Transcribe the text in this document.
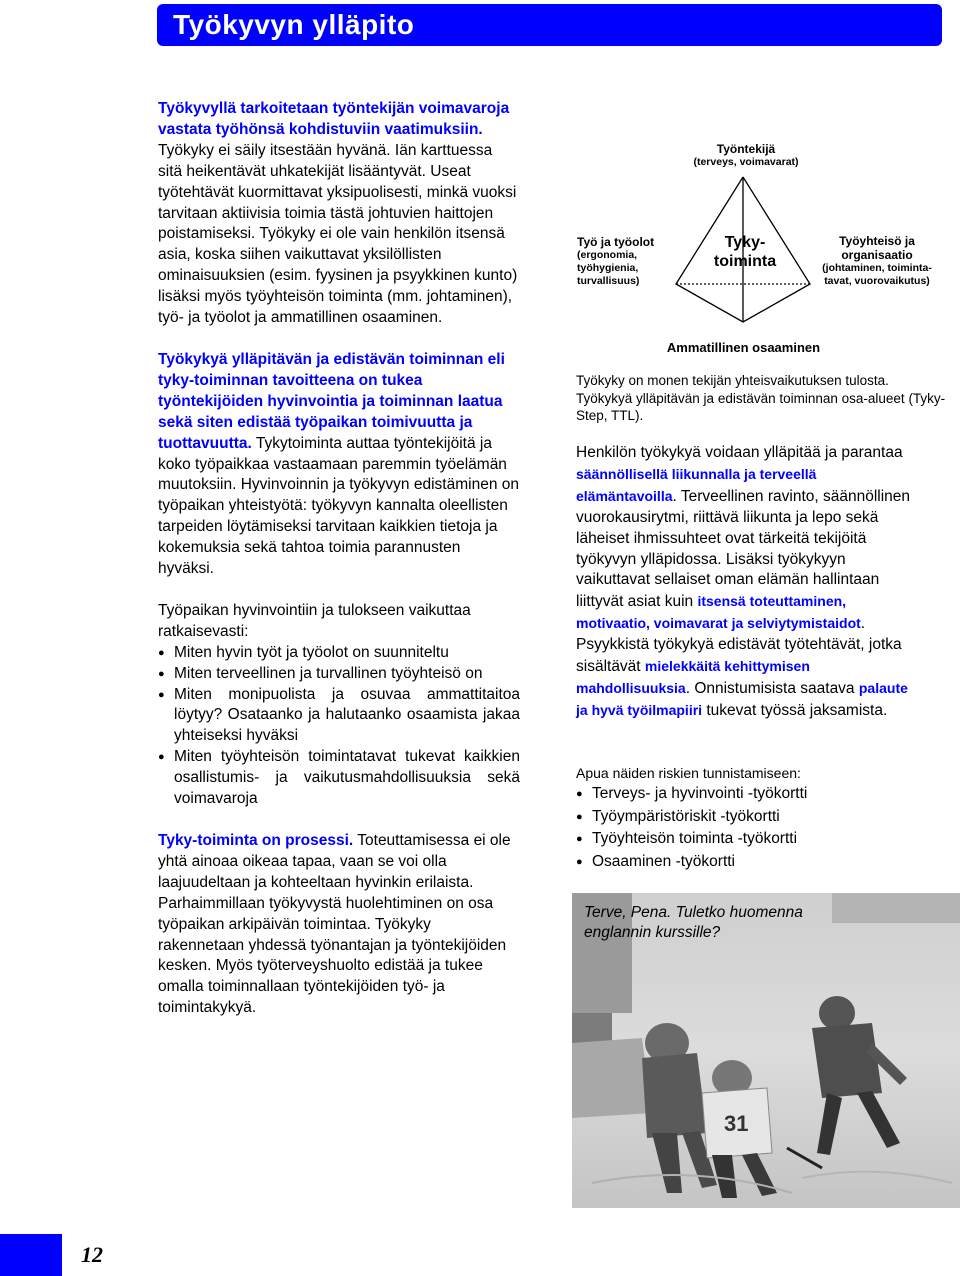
Työkyvyn ylläpito

Työkyvyllä tarkoitetaan työntekijän voimavaroja vastata työhönsä kohdistuviin vaatimuksiin. Työkyky ei säily itsestään hyvänä. Iän karttuessa sitä heikentävät uhkatekijät lisääntyvät. Useat työtehtävät kuormittavat yksipuolisesti, minkä vuoksi tarvitaan aktiivisia toimia tästä johtuvien haittojen poistamiseksi. Työkyky ei ole vain henkilön itsensä asia, koska siihen vaikuttavat yksilöllisten ominaisuuksien (esim. fyysinen ja psyykkinen kunto) lisäksi myös työyhteisön toiminta (mm. johtaminen), työ- ja työolot ja ammatillinen osaaminen.

Työkykyä ylläpitävän ja edistävän toiminnan eli tyky-toiminnan tavoitteena on tukea työntekijöiden hyvinvointia ja toiminnan laatua sekä siten edistää työpaikan toimivuutta ja tuottavuutta. Tykytoiminta auttaa työntekijöitä ja koko työpaikkaa vastaamaan paremmin työelämän muutoksiin. Hyvinvoinnin ja työkyvyn edistäminen on työpaikan yhteistyötä: työkyvyn kannalta oleellisten tarpeiden löytämiseksi tarvitaan kaikkien tietoja ja kokemuksia sekä tahtoa toimia parannusten hyväksi.

Työpaikan hyvinvointiin ja tulokseen vaikuttaa ratkaisevasti:

● Miten hyvin työt ja työolot on suunniteltu
● Miten terveellinen ja turvallinen työyhteisö on
● Miten monipuolista ja osuvaa ammattitaitoa löytyy? Osataanko ja halutaanko osaamista jakaa yhteiseksi hyväksi
● Miten työyhteisön toimintatavat tukevat kaikkien osallistumis- ja vaikutusmahdollisuuksia sekä voimavaroja

Tyky-toiminta on prosessi. Toteuttamisessa ei ole yhtä ainoaa oikeaa tapaa, vaan se voi olla laajuudeltaan ja kohteeltaan hyvinkin erilaista. Parhaimmillaan työkyvystä huolehtiminen on osa työpaikan arkipäivän toimintaa. Työkyky rakennetaan yhdessä työnantajan ja työntekijöiden kesken. Myös työterveyshuolto edistää ja tukee omalla toiminnallaan työntekijöiden työ- ja toimintakykyä.

Työntekijä
(terveys, voimavarat)
Työ ja työolot
(ergonomia,
työhygienia,
turvallisuus)
Tyky-
toiminta
Työyhteisö ja
organisaatio
(johtaminen, toiminta-
tavat, vuorovaikutus)
Ammatillinen osaaminen
Työkyky on monen tekijän yhteisvaikutuksen tulosta. Työkykyä ylläpitävän ja edistävän toiminnan osa-alueet (Tyky-Step, TTL).

Henkilön työkykyä voidaan ylläpitää ja parantaa säännöllisellä liikunnalla ja terveellä elämäntavoilla. Terveellinen ravinto, säännöllinen vuorokausirytmi, riittävä liikunta ja lepo sekä läheiset ihmissuhteet ovat tärkeitä tekijöitä työkyvyn ylläpidossa. Lisäksi työkykyyn vaikuttavat sellaiset oman elämän hallintaan liittyvät asiat kuin itsensä toteuttaminen, motivaatio, voimavarat ja selviytymistaidot. Psyykkistä työkykyä edistävät työtehtävät, jotka sisältävät mielekkäitä kehittymisen mahdollisuuksia. Onnistumisista saatava palaute ja hyvä työilmapiiri tukevat työssä jaksamista.

Apua näiden riskien tunnistamiseen:
● Terveys- ja hyvinvointi -työkortti
● Työympäristöriskit -työkortti
● Työyhteisön toiminta -työkortti
● Osaaminen -työkortti
31
Terve, Pena. Tuletko huomenna englannin kurssille?
12
